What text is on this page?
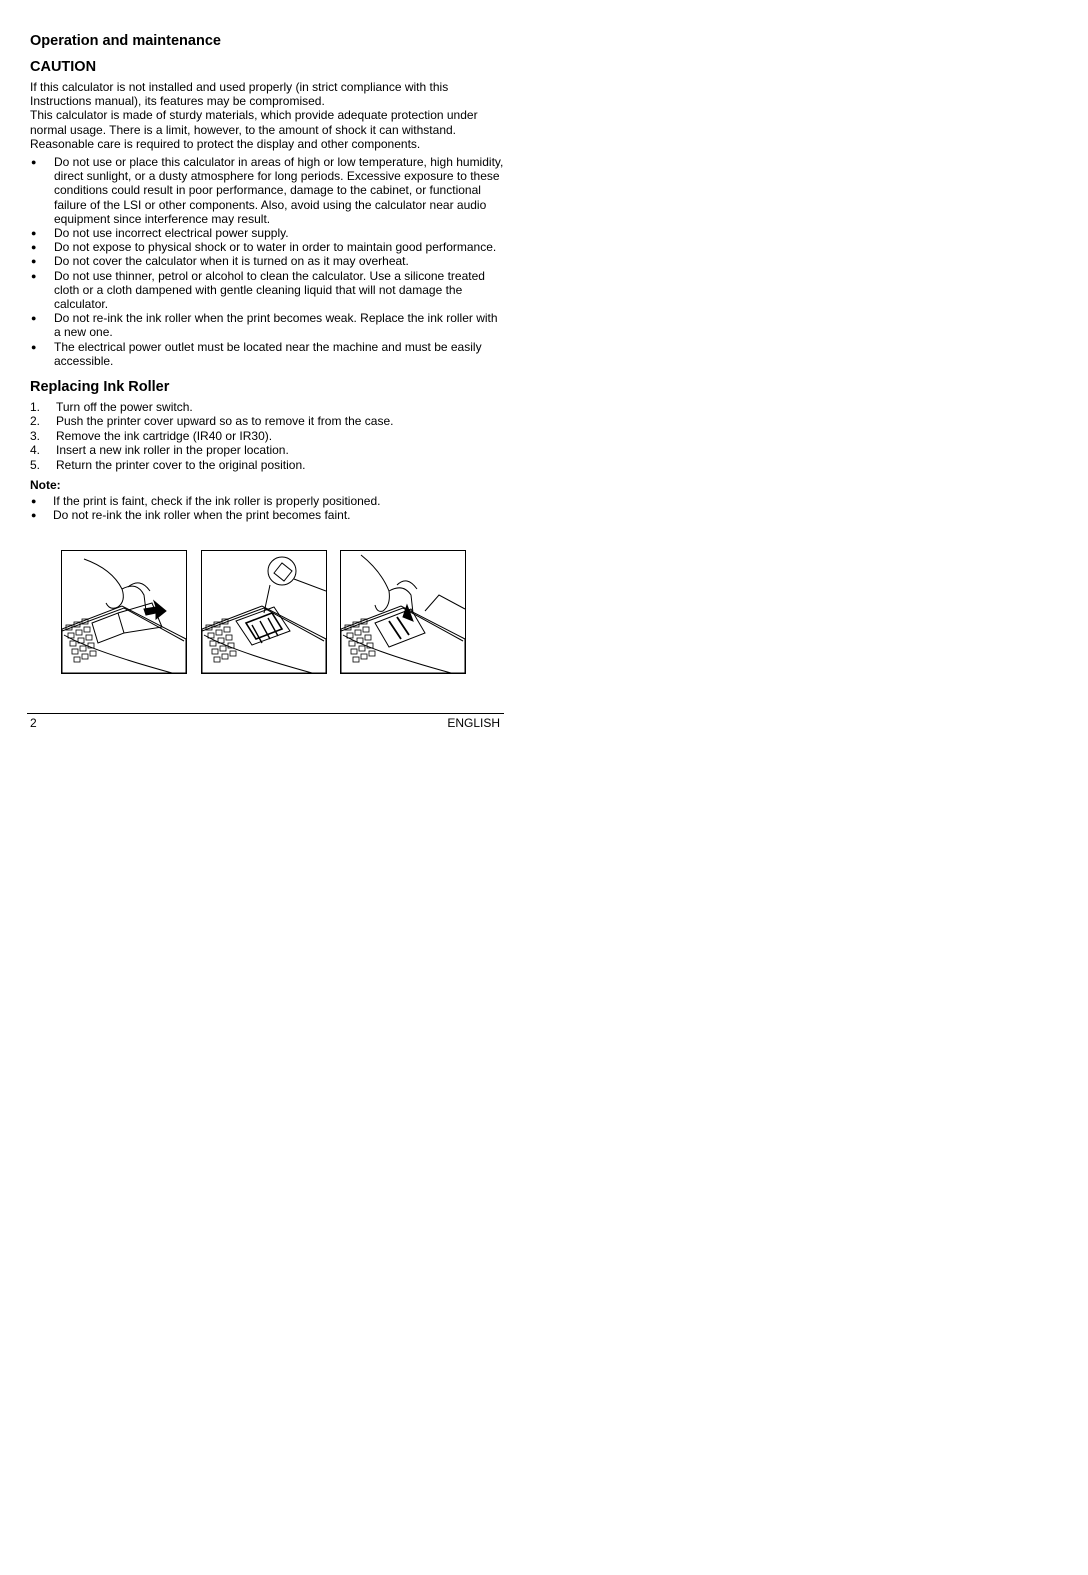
Operation and maintenance
CAUTION

If this calculator is not installed and used properly (in strict compliance with this Instructions manual), its features may be compromised.

This calculator is made of sturdy materials, which provide adequate protection under normal usage. There is a limit, however, to the amount of shock it can withstand. Reasonable care is required to protect the display and other components.

● Do not use or place this calculator in areas of high or low temperature, high humidity, direct sunlight, or a dusty atmosphere for long periods. Excessive exposure to these conditions could result in poor performance, damage to the cabinet, or functional failure of the LSI or other components. Also, avoid using the calculator near audio equipment since interference may result.
● Do not use incorrect electrical power supply.
● Do not expose to physical shock or to water in order to maintain good performance.
● Do not cover the calculator when it is turned on as it may overheat.
● Do not use thinner, petrol or alcohol to clean the calculator. Use a silicone treated cloth or a cloth dampened with gentle cleaning liquid that will not damage the calculator.
● Do not re-ink the ink roller when the print becomes weak. Replace the ink roller with a new one.
● The electrical power outlet must be located near the machine and must be easily accessible.
Replacing Ink Roller
1. Turn off the power switch.
2. Push the printer cover upward so as to remove it from the case.
3. Remove the ink cartridge (IR40 or IR30).
4. Insert a new ink roller in the proper location.
5. Return the printer cover to the original position.
Note:
● If the print is faint, check if the ink roller is properly positioned.
● Do not re-ink the ink roller when the print becomes faint.
2	ENGLISH
